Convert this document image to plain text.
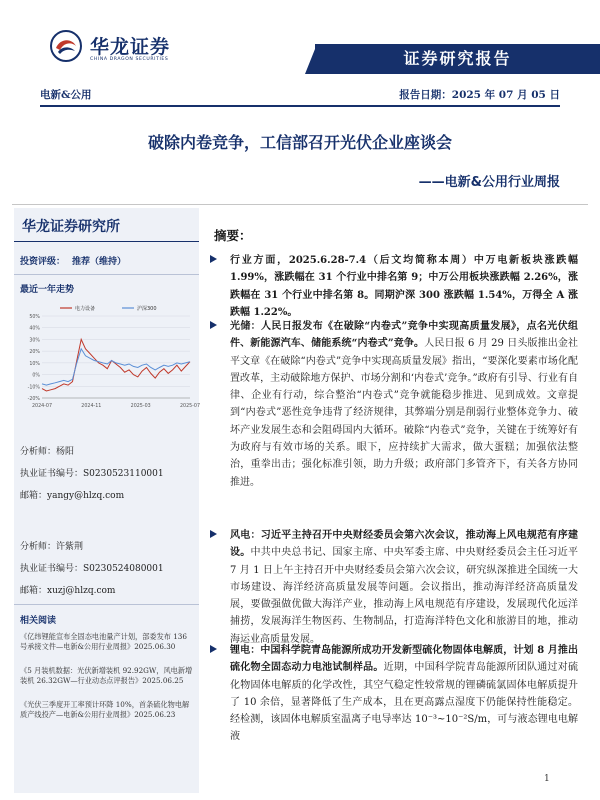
华龙证券
CHINA DRAGON SECURITIES	证券研究报告
电新&公用	报告日期：2025 年 07 月 05 日
破除内卷竞争，工信部召开光伏企业座谈会
——电新&公用行业周报
华龙证券研究所
投资评级： 推荐（维持）
最近一年走势
50%
40%
30%
20%
10%
0%
-10%
-20%
2024-07	2024-11	2025-03	2025-07
电力设备	沪深300
分析师：杨阳
执业证书编号：S0230523110001
邮箱：yangy@hlzq.com
分析师：许紫荆
执业证书编号：S0230524080001
邮箱：xuzj@hlzq.com
相关阅读
《亿纬锂能宣布全固态电池量产计划，部委发布 136 号承接文件—电新&公用行业周报》2025.06.30
《5 月装机数据：光伏新增装机 92.92GW，风电新增装机 26.32GW—行业动态点评报告》2025.06.25
《光伏三季度开工率预计环降 10%，首条硫化物电解质产线投产—电新&公用行业周报》2025.06.23
摘要：
行业方面，2025.6.28-7.4（后文均简称本周）中万电新板块涨跌幅 1.99%，涨跌幅在 31 个行业中排名第 9；中万公用板块涨跌幅 2.26%，涨跌幅在 31 个行业中排名第 8。同期沪深 300 涨跌幅 1.54%，万得全 A 涨跌幅 1.22%。
光储：人民日报发布《在破除“内卷式”竞争中实现高质量发展》，点名光伏组件、新能源汽车、储能系统“内卷式”竞争。人民日报 6 月 29 日头版推出金社平文章《在破除“内卷式”竞争中实现高质量发展》指出，“要深化要素市场化配置改革，主动破除地方保护、市场分割和‘内卷式’竞争。”政府有引导、行业有自律、企业有行动，综合整治“内卷式”竞争就能稳步推进、见到成效。文章提到“内卷式”恶性竞争违背了经济规律，其弊端分别是削弱行业整体竞争力、破坏产业发展生态和会阻碍国内大循环。破除“内卷式”竞争，关键在于统筹好有为政府与有效市场的关系。眼下，应持续扩大需求，做大蛋糕；加强依法整治，重拳出击；强化标准引领，助力升级；政府部门多管齐下，有关各方协同推进。
风电：习近平主持召开中央财经委员会第六次会议，推动海上风电规范有序建设。中共中央总书记、国家主席、中央军委主席、中央财经委员会主任习近平 7 月 1 日上午主持召开中央财经委员会第六次会议，研究纵深推进全国统一大市场建设、海洋经济高质量发展等问题。会议指出，推动海洋经济高质量发展，要做强做优做大海洋产业，推动海上风电规范有序建设，发展现代化远洋捕捞，发展海洋生物医药、生物制品，打造海洋特色文化和旅游目的地，推动海运业高质量发展。
锂电：中国科学院青岛能源所成功开发新型硫化物固体电解质，计划 8 月推出硫化物全固态动力电池试制样品。近期，中国科学院青岛能源所团队通过对硫化物固体电解质的化学改性，其空气稳定性较常规的锂磷硫氯固体电解质提升了 10 余倍，显著降低了生产成本，且在更高露点湿度下仍能保持性能稳定。经检测，该固体电解质室温离子电导率达 10⁻³~10⁻²S/m，可与液态锂电电解液
1
